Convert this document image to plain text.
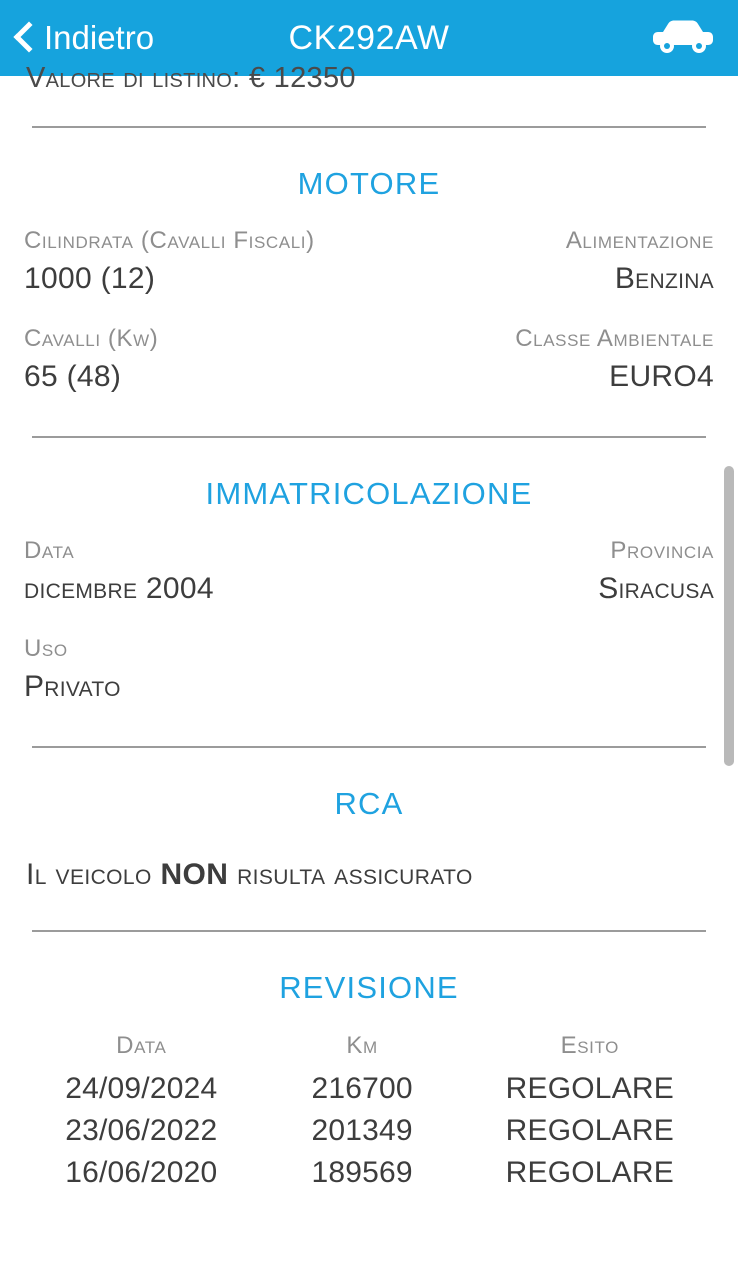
Indietro	CK292AW
Valore di listino: € 12350
MOTORE
Cilindrata (Cavalli Fiscali)
1000 (12)
Alimentazione
Benzina
Cavalli (Kw)
65 (48)
Classe Ambientale
EURO4
IMMATRICOLAZIONE
Data
dicembre 2004
Provincia
Siracusa
Uso
Privato
RCA
Il veicolo NON risulta assicurato
REVISIONE
Data	Km	Esito
24/09/2024	216700	REGOLARE
23/06/2022	201349	REGOLARE
16/06/2020	189569	REGOLARE
